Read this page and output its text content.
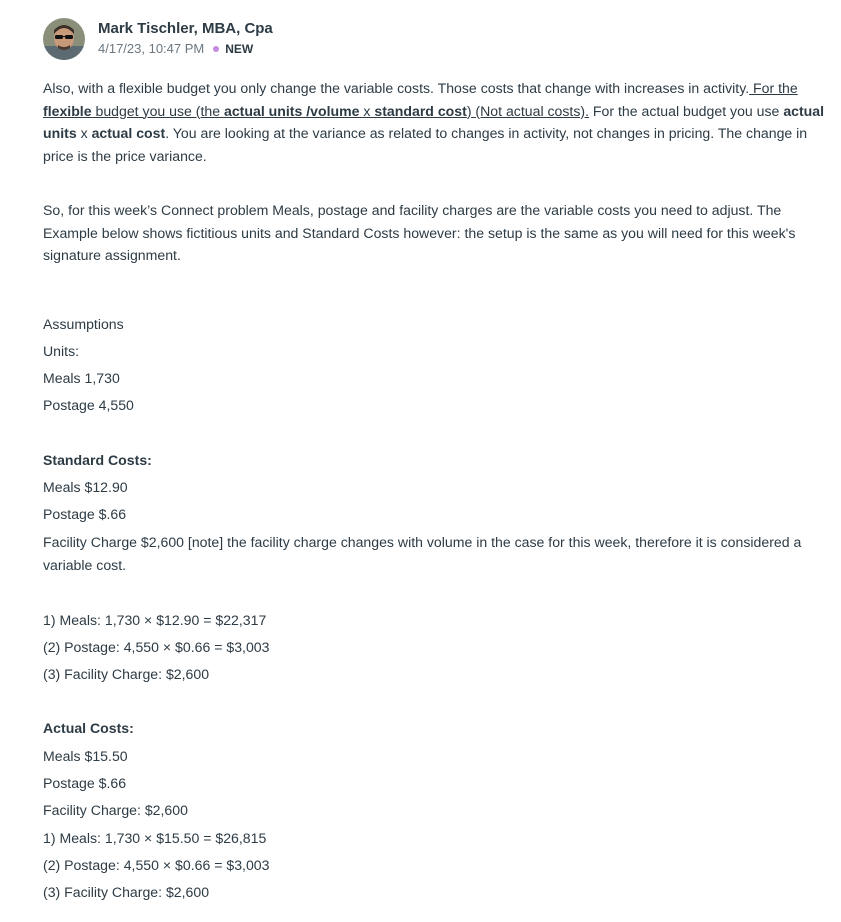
Mark Tischler, MBA, Cpa
4/17/23, 10:47 PM NEW

Also, with a flexible budget you only change the variable costs. Those costs that change with increases in activity. For the flexible budget you use (the actual units /volume x standard cost) (Not actual costs). For the actual budget you use actual units x actual cost. You are looking at the variance as related to changes in activity, not changes in pricing. The change in price is the price variance.

So, for this week’s Connect problem Meals, postage and facility charges are the variable costs you need to adjust. The Example below shows fictitious units and Standard Costs however: the setup is the same as you will need for this week's signature assignment.

Assumptions
Units:
Meals 1,730
Postage 4,550
Standard Costs:
Meals $12.90
Postage $.66

Facility Charge $2,600 [note] the facility charge changes with volume in the case for this week, therefore it is considered a variable cost.

1) Meals: 1,730 × $12.90 = $22,317
(2) Postage: 4,550 × $0.66 = $3,003
(3) Facility Charge: $2,600
Actual Costs:
Meals $15.50
Postage $.66
Facility Charge: $2,600
1) Meals: 1,730 × $15.50 = $26,815
(2) Postage: 4,550 × $0.66 = $3,003
(3) Facility Charge: $2,600
